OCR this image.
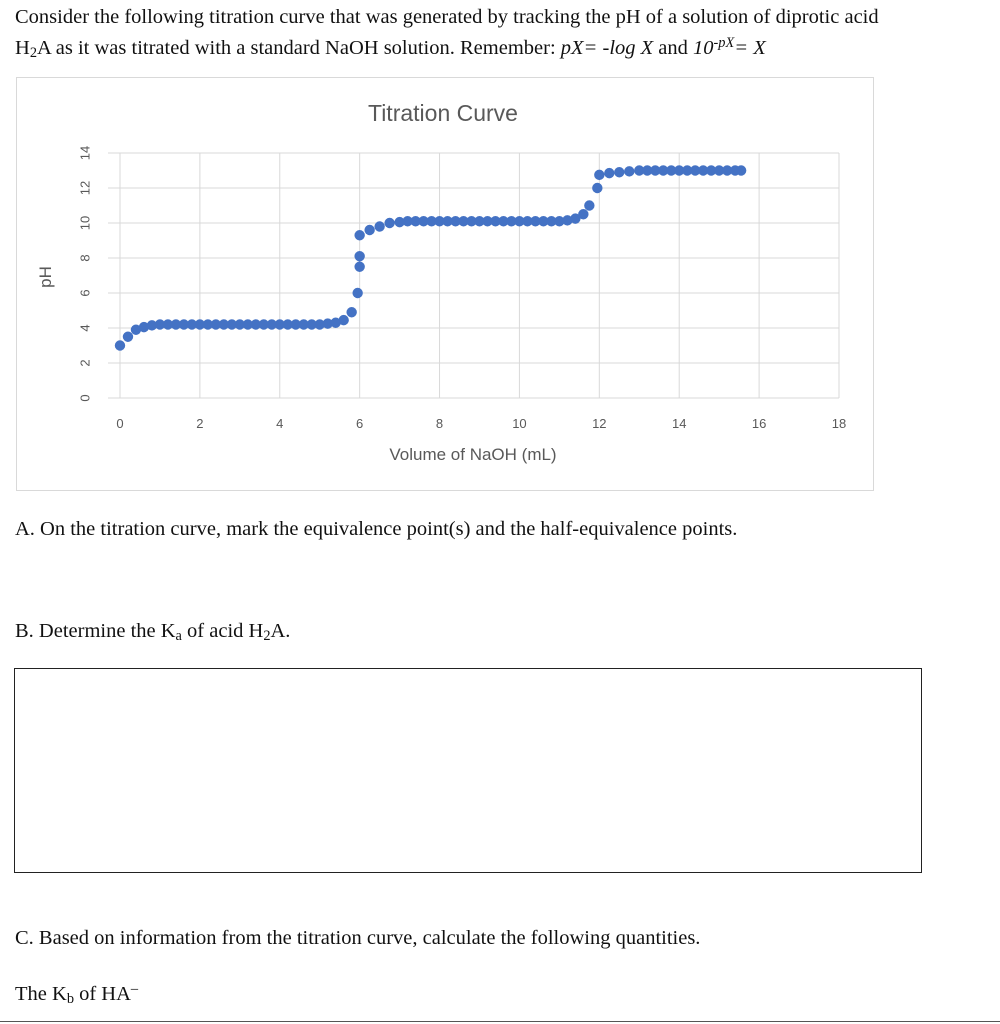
Consider the following titration curve that was generated by tracking the pH of a solution of diprotic acid
$H_2A$ as it was titrated with a standard NaOH solution. Remember: pX= -log X and $10^{-pX}= X$
Titration Curve
Volume of NaOH (mL)
pH
0
2
4
6
8
10
12
14
0	2	4	6	8	10	12	14	16	18
A. On the titration curve, mark the equivalence point(s) and the half-equivalence points.
B. Determine the $K_a$ of acid $H_2A$.
C. Based on information from the titration curve, calculate the following quantities.
The $K_b$ of HA–
